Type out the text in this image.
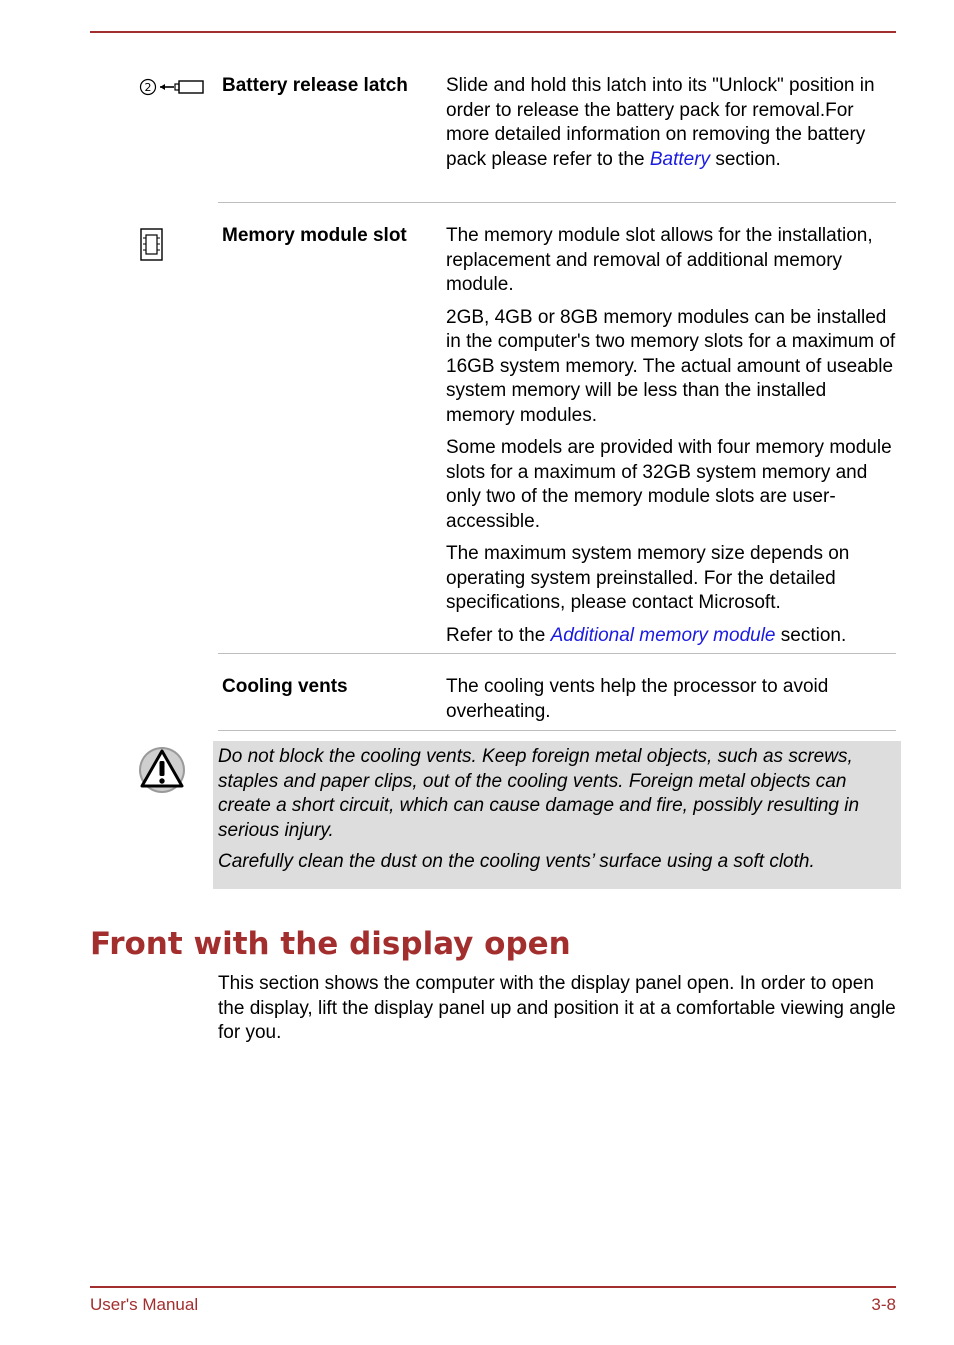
2	Battery release latch	Slide and hold this latch into its "Unlock" position in order to release the battery pack for removal.For more detailed information on removing the battery pack please refer to the Battery section.
Memory module slot	The memory module slot allows for the installation, replacement and removal of additional memory module.

2GB, 4GB or 8GB memory modules can be installed in the computer's two memory slots for a maximum of 16GB system memory. The actual amount of useable system memory will be less than the installed memory modules.

Some models are provided with four memory module slots for a maximum of 32GB system memory and only two of the memory module slots are user-accessible.

The maximum system memory size depends on operating system preinstalled. For the detailed specifications, please contact Microsoft.

Refer to the Additional memory module section.

Cooling vents	The cooling vents help the processor to avoid overheating.

Do not block the cooling vents. Keep foreign metal objects, such as screws, staples and paper clips, out of the cooling vents. Foreign metal objects can create a short circuit, which can cause damage and fire, possibly resulting in serious injury.

Carefully clean the dust on the cooling vents’ surface using a soft cloth.

Front with the display open

This section shows the computer with the display panel open. In order to open the display, lift the display panel up and position it at a comfortable viewing angle for you.

User's Manual	3-8
